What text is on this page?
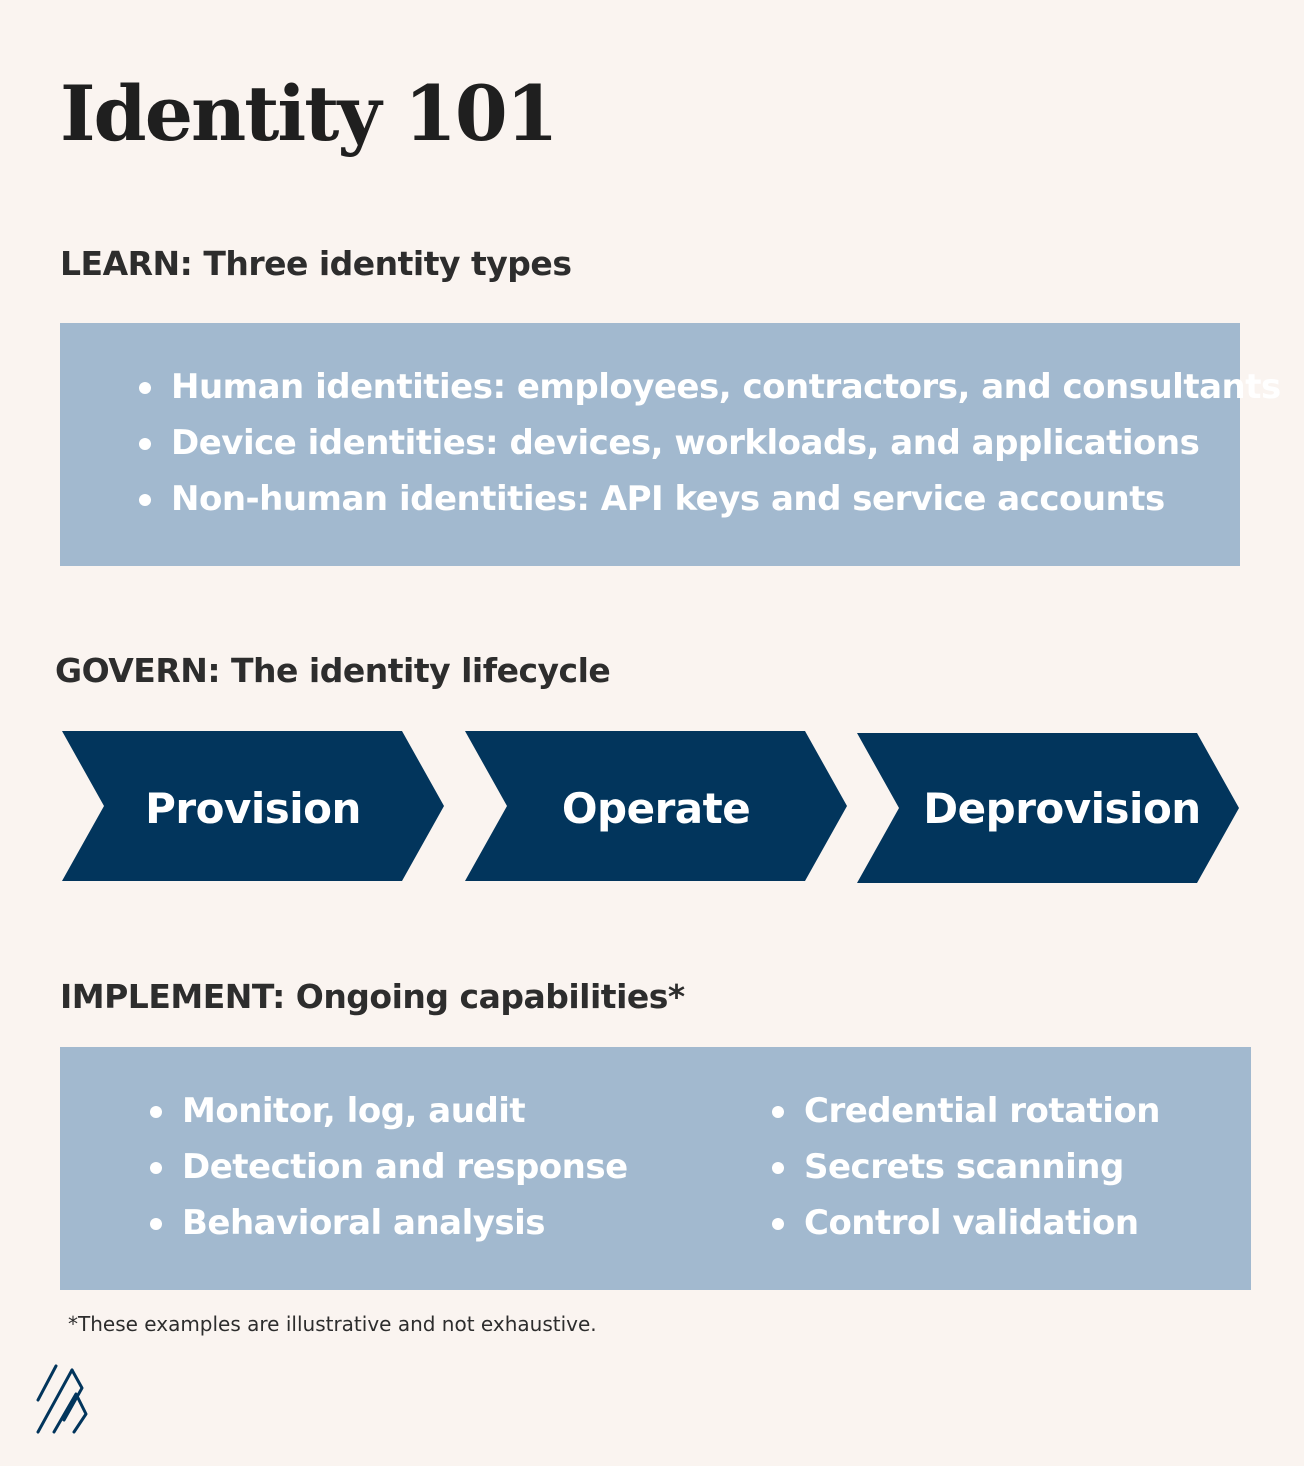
Identity 101
LEARN: Three identity types
Human identities: employees, contractors, and consultants
Device identities: devices, workloads, and applications
Non-human identities: API keys and service accounts
GOVERN: The identity lifecycle
Provision	Operate	Deprovision
IMPLEMENT: Ongoing capabilities*
Monitor, log, audit
Detection and response
Behavioral analysis
Credential rotation
Secrets scanning
Control validation

*These examples are illustrative and not exhaustive.
